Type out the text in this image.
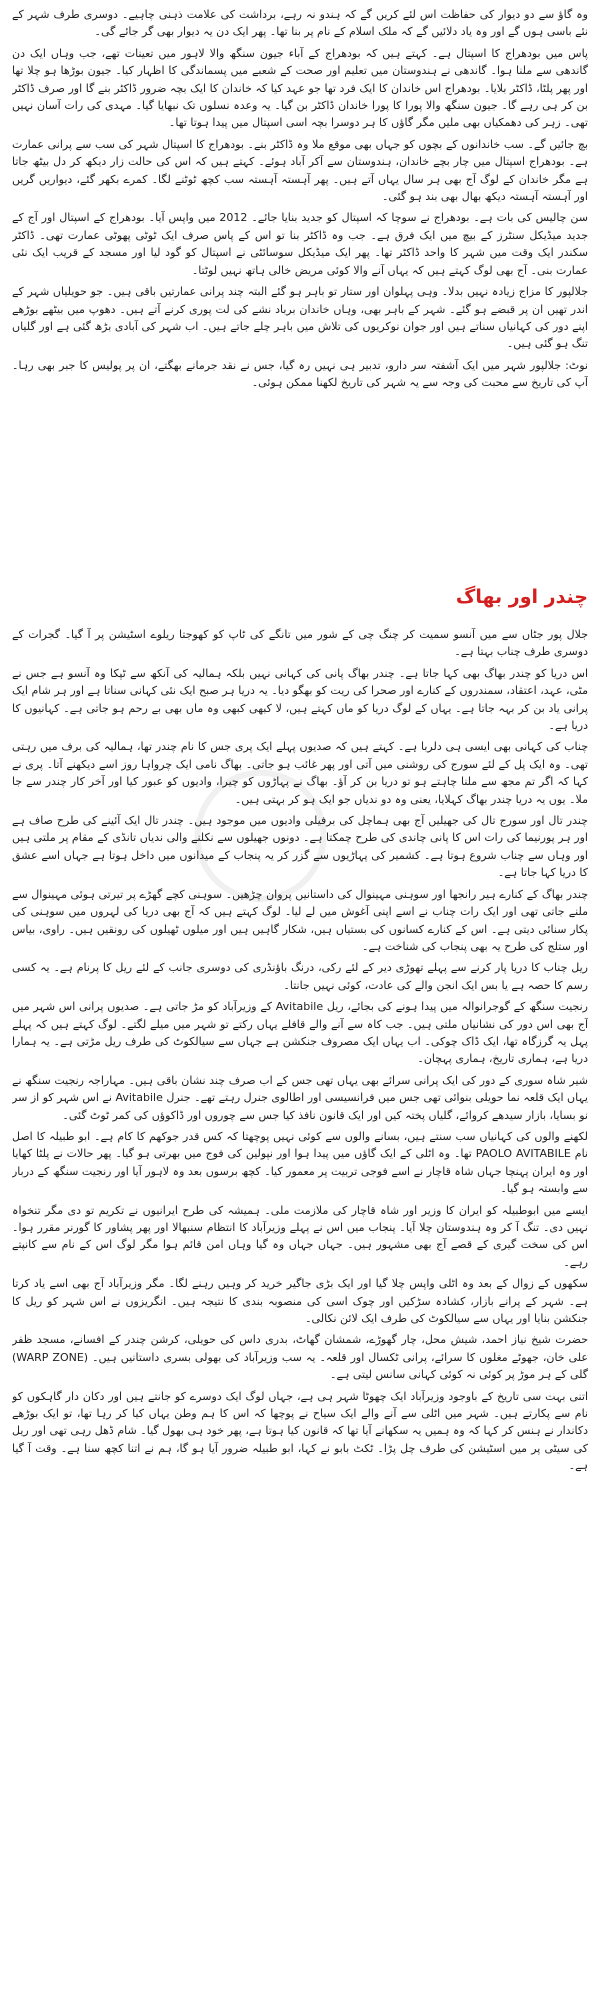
وہ گاؤ سے دو دیوار کی حفاظت اس لئے کریں گے کہ ہندو نہ رہے، برداشت کی علامت ذہنی چاہیے۔ دوسری طرف شہر کے نئے باسی ہوں گے اور وہ یاد دلائیں گے کہ ملک اسلام کے نام پر بنا تھا۔ پھر ایک دن یہ دیوار بھی گر جائے گی۔

پاس میں بودھراج کا اسپتال ہے۔ کہتے ہیں کہ بودھراج کے آباء جیون سنگھ والا لاہور میں تعینات تھے، جب وہاں ایک دن گاندھی سے ملنا ہوا۔ گاندھی نے ہندوستان میں تعلیم اور صحت کے شعبے میں پسماندگی کا اظہار کیا۔ جیون بوڑھا ہو چلا تھا اور پھر پلٹا، ڈاکٹر بلایا۔ بودھراج اس خاندان کا ایک فرد تھا جو عہد کیا کہ خاندان کا ایک بچہ ضرور ڈاکٹر بنے گا اور صرف ڈاکٹر بن کر ہی رہے گا۔ جیون سنگھ والا پورا کا پورا خاندان ڈاکٹر بن گیا۔ یہ وعدہ نسلوں تک نبھایا گیا۔ مہدی کی رات آسان نہیں تھی۔ زہر کی دھمکیاں بھی ملیں مگر گاؤں کا ہر دوسرا بچہ اسی اسپتال میں پیدا ہوتا تھا۔

بچ جائیں گے۔ سب خاندانوں کے بچوں کو جہاں بھی موقع ملا وہ ڈاکٹر بنے۔ بودھراج کا اسپتال شہر کی سب سے پرانی عمارت ہے۔ بودھراج اسپتال میں چار بچے خاندان، ہندوستان سے آکر آباد ہوئے۔ کہتے ہیں کہ اس کی حالت زار دیکھ کر دل بیٹھ جاتا ہے مگر خاندان کے لوگ آج بھی ہر سال یہاں آتے ہیں۔ پھر آہستہ آہستہ سب کچھ ٹوٹنے لگا۔ کمرے بکھر گئے، دیواریں گریں اور آہستہ آہستہ دیکھ بھال بھی بند ہو گئی۔

سن چالیس کی بات ہے۔ بودھراج نے سوچا کہ اسپتال کو جدید بنایا جائے۔ 2012 میں واپس آیا۔ بودھراج کے اسپتال اور آج کے جدید میڈیکل سنٹرز کے بیچ میں ایک فرق ہے۔ جب وہ ڈاکٹر بنا تو اس کے پاس صرف ایک ٹوٹی پھوٹی عمارت تھی۔ ڈاکٹر سکندر ایک وقت میں شہر کا واحد ڈاکٹر تھا۔ پھر ایک میڈیکل سوسائٹی نے اسپتال کو گود لیا اور مسجد کے قریب ایک نئی عمارت بنی۔ آج بھی لوگ کہتے ہیں کہ یہاں آنے والا کوئی مریض خالی ہاتھ نہیں لوٹتا۔

جلالپور کا مزاج زیادہ نہیں بدلا۔ وہی پہلوان اور ستار تو باہر ہو گئے البتہ چند پرانی عمارتیں باقی ہیں۔ جو حویلیاں شہر کے اندر تھیں ان پر قبضے ہو گئے۔ شہر کے باہر بھی، وہاں خاندان برباد نشے کی لت پوری کرنے آتے ہیں۔ دھوپ میں بیٹھے بوڑھے اپنے دور کی کہانیاں سناتے ہیں اور جوان نوکریوں کی تلاش میں باہر چلے جاتے ہیں۔ اب شہر کی آبادی بڑھ گئی ہے اور گلیاں تنگ ہو گئی ہیں۔

نوٹ: جلالپور شہر میں ایک آشفتہ سر دارو، تدبیر ہی نہیں رہ گیا، جس نے نقد جرمانے بھگتے، ان پر پولیس کا جبر بھی رہا۔ آپ کی تاریخ سے محبت کی وجہ سے یہ شہر کی تاریخ لکھنا ممکن ہوئی۔

چندر اور بھاگ

جلال پور جٹاں سے میں آنسو سمیت کر چنگ چی کے شور میں تانگے کی ٹاپ کو کھوجتا ریلوے اسٹیشن پر آ گیا۔ گجرات کے دوسری طرف چناب بہتا ہے۔

اس دریا کو چندر بھاگ بھی کہا جاتا ہے۔ چندر بھاگ پانی کی کہانی نہیں بلکہ ہمالیہ کی آنکھ سے ٹپکا وہ آنسو ہے جس نے مٹی، عہد، اعتقاد، سمندروں کے کنارے اور صحرا کی ریت کو بھگو دیا۔ یہ دریا ہر صبح ایک نئی کہانی سناتا ہے اور ہر شام ایک پرانی یاد بن کر بہہ جاتا ہے۔ یہاں کے لوگ دریا کو ماں کہتے ہیں، لا کبھی کبھی وہ ماں بھی بے رحم ہو جاتی ہے۔ کہانیوں کا دریا ہے۔

چناب کی کہانی بھی ایسی ہی دلربا ہے۔ کہتے ہیں کہ صدیوں پہلے ایک پری جس کا نام چندر تھا، ہمالیہ کی برف میں رہتی تھی۔ وہ ایک پل کے لئے سورج کی روشنی میں آتی اور پھر غائب ہو جاتی۔ بھاگ نامی ایک چرواہا روز اسے دیکھنے آتا۔ پری نے کہا کہ اگر تم مجھ سے ملنا چاہتے ہو تو دریا بن کر آؤ۔ بھاگ نے پہاڑوں کو چیرا، وادیوں کو عبور کیا اور آخر کار چندر سے جا ملا۔ یوں یہ دریا چندر بھاگ کہلایا، یعنی وہ دو ندیاں جو ایک ہو کر بہتی ہیں۔

چندر تال اور سورج تال کی جھیلیں آج بھی ہماچل کی برفیلی وادیوں میں موجود ہیں۔ چندر تال ایک آئینے کی طرح صاف ہے اور ہر پورنیما کی رات اس کا پانی چاندی کی طرح چمکتا ہے۔ دونوں جھیلوں سے نکلنے والی ندیاں تانڈی کے مقام پر ملتی ہیں اور وہاں سے چناب شروع ہوتا ہے۔ کشمیر کی پہاڑیوں سے گزر کر یہ پنجاب کے میدانوں میں داخل ہوتا ہے جہاں اسے عشق کا دریا کہا جاتا ہے۔

چندر بھاگ کے کنارے ہیر رانجھا اور سوہنی مہینوال کی داستانیں پروان چڑھیں۔ سوہنی کچے گھڑے پر تیرتی ہوئی مہینوال سے ملنے جاتی تھی اور ایک رات چناب نے اسے اپنی آغوش میں لے لیا۔ لوگ کہتے ہیں کہ آج بھی دریا کی لہروں میں سوہنی کی پکار سنائی دیتی ہے۔ اس کے کنارے کسانوں کی بستیاں ہیں، شکار گاہیں ہیں اور میلوں ٹھیلوں کی رونقیں ہیں۔ راوی، بیاس اور ستلج کی طرح یہ بھی پنجاب کی شناخت ہے۔

ریل چناب کا دریا پار کرنے سے پہلے تھوڑی دیر کے لئے رکی، درنگ باؤنڈری کی دوسری جانب کے لئے ریل کا پرنام ہے۔ یہ کسی رسم کا حصہ ہے یا بس ایک انجن والے کی عادت، کوئی نہیں جانتا۔

رنجیت سنگھ کے گوجرانوالہ میں پیدا ہونے کی بجائے، ریل Avitabile کے وزیرآباد کو مڑ جاتی ہے۔ صدیوں پرانی اس شہر میں آج بھی اس دور کی نشانیاں ملتی ہیں۔ جب کاہ سے آنے والے قافلے یہاں رکتے تو شہر میں میلے لگتے۔ لوگ کہتے ہیں کہ پہلے پہل یہ گرزگاہ تھا، ایک ڈاک چوکی۔ اب یہاں ایک مصروف جنکشن ہے جہاں سے سیالکوٹ کی طرف ریل مڑتی ہے۔ یہ ہمارا دریا ہے، ہماری تاریخ، ہماری پہچان۔

شیر شاہ سوری کے دور کی ایک پرانی سرائے بھی یہاں تھی جس کے اب صرف چند نشان باقی ہیں۔ مہاراجہ رنجیت سنگھ نے یہاں ایک قلعہ نما حویلی بنوائی تھی جس میں فرانسیسی اور اطالوی جنرل رہتے تھے۔ جنرل Avitabile نے اس شہر کو از سر نو بسایا، بازار سیدھے کروائے، گلیاں پختہ کیں اور ایک قانون نافذ کیا جس سے چوروں اور ڈاکوؤں کی کمر ٹوٹ گئی۔

لکھنے والوں کی کہانیاں سب سنتے ہیں، بسانے والوں سے کوئی نہیں پوچھتا کہ کس قدر جوکھم کا کام ہے۔ ابو طبیلہ کا اصل نام PAOLO AVITABILE تھا۔ وہ اٹلی کے ایک گاؤں میں پیدا ہوا اور نپولین کی فوج میں بھرتی ہو گیا۔ پھر حالات نے پلٹا کھایا اور وہ ایران پہنچا جہاں شاہ قاچار نے اسے فوجی تربیت پر معمور کیا۔ کچھ برسوں بعد وہ لاہور آیا اور رنجیت سنگھ کے دربار سے وابستہ ہو گیا۔

ایسے میں ابوطبیلہ کو ایران کا وزیر اور شاہ قاچار کی ملازمت ملی۔ ہمیشہ کی طرح ایرانیوں نے تکریم تو دی مگر تنخواہ نہیں دی۔ تنگ آ کر وہ ہندوستان چلا آیا۔ پنجاب میں اس نے پہلے وزیرآباد کا انتظام سنبھالا اور پھر پشاور کا گورنر مقرر ہوا۔ اس کی سخت گیری کے قصے آج بھی مشہور ہیں۔ جہاں جہاں وہ گیا وہاں امن قائم ہوا مگر لوگ اس کے نام سے کانپتے رہے۔

سکھوں کے زوال کے بعد وہ اٹلی واپس چلا گیا اور ایک بڑی جاگیر خرید کر وہیں رہنے لگا۔ مگر وزیرآباد آج بھی اسے یاد کرتا ہے۔ شہر کے پرانے بازار، کشادہ سڑکیں اور چوک اسی کی منصوبہ بندی کا نتیجہ ہیں۔ انگریزوں نے اس شہر کو ریل کا جنکشن بنایا اور یہاں سے سیالکوٹ کی طرف ایک لائن نکالی۔

حضرت شیخ نیاز احمد، شیش محل، چار گھوڑے، شمشان گھاٹ، بدری داس کی حویلی، کرشن چندر کے افسانے، مسجد ظفر علی خان، جھوٹے مغلوں کا سرائے، پرانی ٹکسال اور قلعہ۔ یہ سب وزیرآباد کی بھولی بسری داستانیں ہیں۔ (WARP ZONE) گلی کے ہر موڑ پر کوئی نہ کوئی کہانی سانس لیتی ہے۔

اتنی بہت سی تاریخ کے باوجود وزیرآباد ایک چھوٹا شہر ہی ہے، جہاں لوگ ایک دوسرے کو جانتے ہیں اور دکان دار گاہکوں کو نام سے پکارتے ہیں۔ شہر میں اٹلی سے آنے والے ایک سیاح نے پوچھا کہ اس کا ہم وطن یہاں کیا کر رہا تھا، تو ایک بوڑھے دکاندار نے ہنس کر کہا کہ وہ ہمیں یہ سکھانے آیا تھا کہ قانون کیا ہوتا ہے، پھر خود ہی بھول گیا۔ شام ڈھل رہی تھی اور ریل کی سیٹی پر میں اسٹیشن کی طرف چل پڑا۔ ٹکٹ بابو نے کہا، ابو طبیلہ ضرور آیا ہو گا، ہم نے اتنا کچھ سنا ہے۔ وقت آ گیا ہے۔
